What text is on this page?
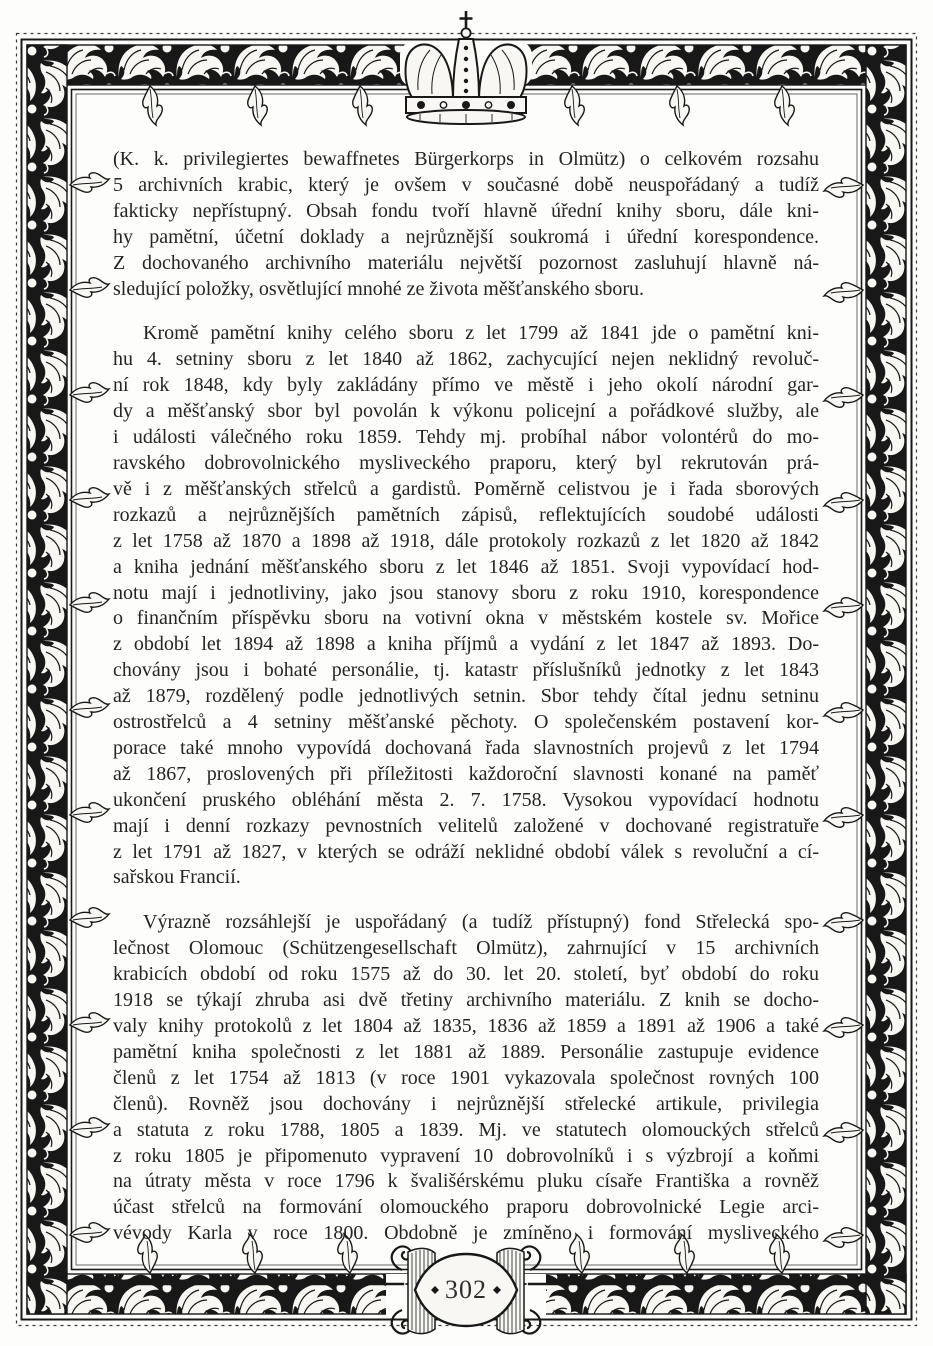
(K. k. privilegiertes bewaffnetes Bürgerkorps in Olmütz) o celkovém rozsahu
5 archivních krabic, který je ovšem v současné době neuspořádaný a tudíž
fakticky nepřístupný. Obsah fondu tvoří hlavně úřední knihy sboru, dále kni-
hy pamětní, účetní doklady a nejrůznější soukromá i úřední korespondence.
Z dochovaného archivního materiálu největší pozornost zasluhují hlavně ná-
sledující položky, osvětlující mnohé ze života měšťanského sboru.
Kromě pamětní knihy celého sboru z let 1799 až 1841 jde o pamětní kni-
hu 4. setniny sboru z let 1840 až 1862, zachycující nejen neklidný revoluč-
ní rok 1848, kdy byly zakládány přímo ve městě i jeho okolí národní gar-
dy a měšťanský sbor byl povolán k výkonu policejní a pořádkové služby, ale
i události válečného roku 1859. Tehdy mj. probíhal nábor volontérů do mo-
ravského dobrovolnického mysliveckého praporu, který byl rekrutován prá-
vě i z měšťanských střelců a gardistů. Poměrně celistvou je i řada sborových
rozkazů a nejrůznějších pamětních zápisů, reflektujících soudobé události
z let 1758 až 1870 a 1898 až 1918, dále protokoly rozkazů z let 1820 až 1842
a kniha jednání měšťanského sboru z let 1846 až 1851. Svoji vypovídací hod-
notu mají i jednotliviny, jako jsou stanovy sboru z roku 1910, korespondence
o finančním příspěvku sboru na votivní okna v městském kostele sv. Mořice
z období let 1894 až 1898 a kniha příjmů a vydání z let 1847 až 1893. Do-
chovány jsou i bohaté personálie, tj. katastr příslušníků jednotky z let 1843
až 1879, rozdělený podle jednotlivých setnin. Sbor tehdy čítal jednu setninu
ostrostřelců a 4 setniny měšťanské pěchoty. O společenském postavení kor-
porace také mnoho vypovídá dochovaná řada slavnostních projevů z let 1794
až 1867, proslovených při příležitosti každoroční slavnosti konané na paměť
ukončení pruského obléhání města 2. 7. 1758. Vysokou vypovídací hodnotu
mají i denní rozkazy pevnostních velitelů založené v dochované registratuře
z let 1791 až 1827, v kterých se odráží neklidné období válek s revoluční a cí-
sařskou Francií.
Výrazně rozsáhlejší je uspořádaný (a tudíž přístupný) fond Střelecká spo-
lečnost Olomouc (Schützengesellschaft Olmütz), zahrnující v 15 archivních
krabicích období od roku 1575 až do 30. let 20. století, byť období do roku
1918 se týkají zhruba asi dvě třetiny archivního materiálu. Z knih se docho-
valy knihy protokolů z let 1804 až 1835, 1836 až 1859 a 1891 až 1906 a také
pamětní kniha společnosti z let 1881 až 1889. Personálie zastupuje evidence
členů z let 1754 až 1813 (v roce 1901 vykazovala společnost rovných 100
členů). Rovněž jsou dochovány i nejrůznější střelecké artikule, privilegia
a statuta z roku 1788, 1805 a 1839. Mj. ve statutech olomouckých střelců
z roku 1805 je připomenuto vypravení 10 dobrovolníků i s výzbrojí a koňmi
na útraty města v roce 1796 k švališérskému pluku císaře Františka a rovněž
účast střelců na formování olomouckého praporu dobrovolnické Legie arci-
vévody Karla v roce 1800. Obdobně je zmíněno i formování mysliveckého
302
